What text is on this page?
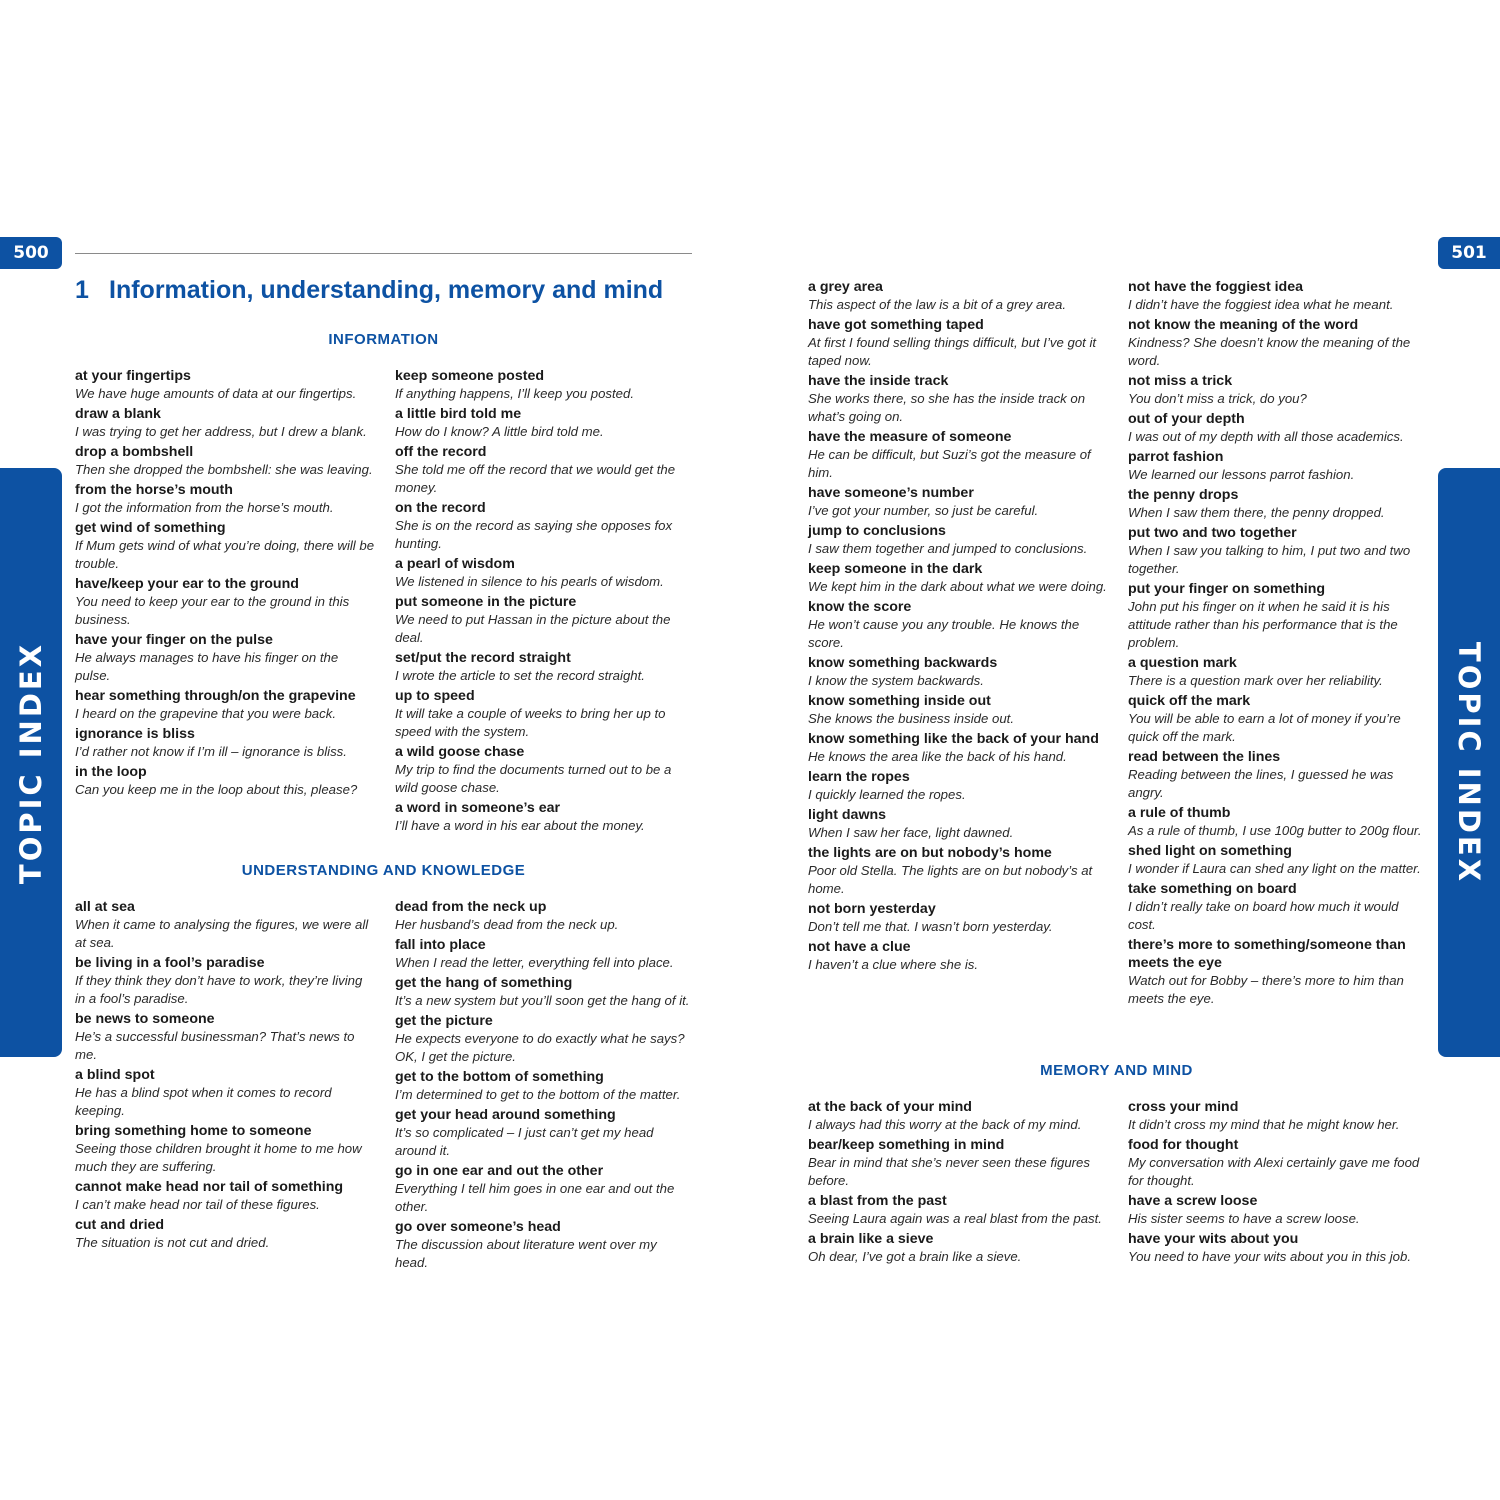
500	501
TOPIC INDEX	TOPIC INDEX
1 Information, understanding, memory and mind
INFORMATION
UNDERSTANDING AND KNOWLEDGE
MEMORY AND MIND
at your fingertips
We have huge amounts of data at our fingertips.
draw a blank
I was trying to get her address, but I drew a blank.
drop a bombshell
Then she dropped the bombshell: she was leaving.
from the horse’s mouth
I got the information from the horse’s mouth.
get wind of something
If Mum gets wind of what you’re doing, there will be trouble.
have/keep your ear to the ground
You need to keep your ear to the ground in this business.
have your finger on the pulse
He always manages to have his finger on the pulse.
hear something through/on the grapevine
I heard on the grapevine that you were back.
ignorance is bliss
I’d rather not know if I’m ill – ignorance is bliss.
in the loop
Can you keep me in the loop about this, please?
keep someone posted
If anything happens, I’ll keep you posted.
a little bird told me
How do I know? A little bird told me.
off the record
She told me off the record that we would get the money.
on the record
She is on the record as saying she opposes fox hunting.
a pearl of wisdom
We listened in silence to his pearls of wisdom.
put someone in the picture
We need to put Hassan in the picture about the deal.
set/put the record straight
I wrote the article to set the record straight.
up to speed
It will take a couple of weeks to bring her up to speed with the system.
a wild goose chase
My trip to find the documents turned out to be a wild goose chase.
a word in someone’s ear
I’ll have a word in his ear about the money.
all at sea
When it came to analysing the figures, we were all at sea.
be living in a fool’s paradise
If they think they don’t have to work, they’re living in a fool’s paradise.
be news to someone
He’s a successful businessman? That’s news to me.
a blind spot
He has a blind spot when it comes to record keeping.
bring something home to someone
Seeing those children brought it home to me how much they are suffering.
cannot make head nor tail of something
I can’t make head nor tail of these figures.
cut and dried
The situation is not cut and dried.
dead from the neck up
Her husband’s dead from the neck up.
fall into place
When I read the letter, everything fell into place.
get the hang of something
It’s a new system but you’ll soon get the hang of it.
get the picture
He expects everyone to do exactly what he says? OK, I get the picture.
get to the bottom of something
I’m determined to get to the bottom of the matter.
get your head around something
It’s so complicated – I just can’t get my head around it.
go in one ear and out the other
Everything I tell him goes in one ear and out the other.
go over someone’s head
The discussion about literature went over my head.
a grey area
This aspect of the law is a bit of a grey area.
have got something taped
At first I found selling things difficult, but I’ve got it taped now.
have the inside track
She works there, so she has the inside track on what’s going on.
have the measure of someone
He can be difficult, but Suzi’s got the measure of him.
have someone’s number
I’ve got your number, so just be careful.
jump to conclusions
I saw them together and jumped to conclusions.
keep someone in the dark
We kept him in the dark about what we were doing.
know the score
He won’t cause you any trouble. He knows the score.
know something backwards
I know the system backwards.
know something inside out
She knows the business inside out.
know something like the back of your hand
He knows the area like the back of his hand.
learn the ropes
I quickly learned the ropes.
light dawns
When I saw her face, light dawned.
the lights are on but nobody’s home
Poor old Stella. The lights are on but nobody’s at home.
not born yesterday
Don’t tell me that. I wasn’t born yesterday.
not have a clue
I haven’t a clue where she is.
not have the foggiest idea
I didn’t have the foggiest idea what he meant.
not know the meaning of the word
Kindness? She doesn’t know the meaning of the word.
not miss a trick
You don’t miss a trick, do you?
out of your depth
I was out of my depth with all those academics.
parrot fashion
We learned our lessons parrot fashion.
the penny drops
When I saw them there, the penny dropped.
put two and two together
When I saw you talking to him, I put two and two together.
put your finger on something
John put his finger on it when he said it is his attitude rather than his performance that is the problem.
a question mark
There is a question mark over her reliability.
quick off the mark
You will be able to earn a lot of money if you’re quick off the mark.
read between the lines
Reading between the lines, I guessed he was angry.
a rule of thumb
As a rule of thumb, I use 100g butter to 200g flour.
shed light on something
I wonder if Laura can shed any light on the matter.
take something on board
I didn’t really take on board how much it would cost.
there’s more to something/someone than meets the eye
Watch out for Bobby – there’s more to him than meets the eye.
at the back of your mind
I always had this worry at the back of my mind.
bear/keep something in mind
Bear in mind that she’s never seen these figures before.
a blast from the past
Seeing Laura again was a real blast from the past.
a brain like a sieve
Oh dear, I’ve got a brain like a sieve.
cross your mind
It didn’t cross my mind that he might know her.
food for thought
My conversation with Alexi certainly gave me food for thought.
have a screw loose
His sister seems to have a screw loose.
have your wits about you
You need to have your wits about you in this job.
